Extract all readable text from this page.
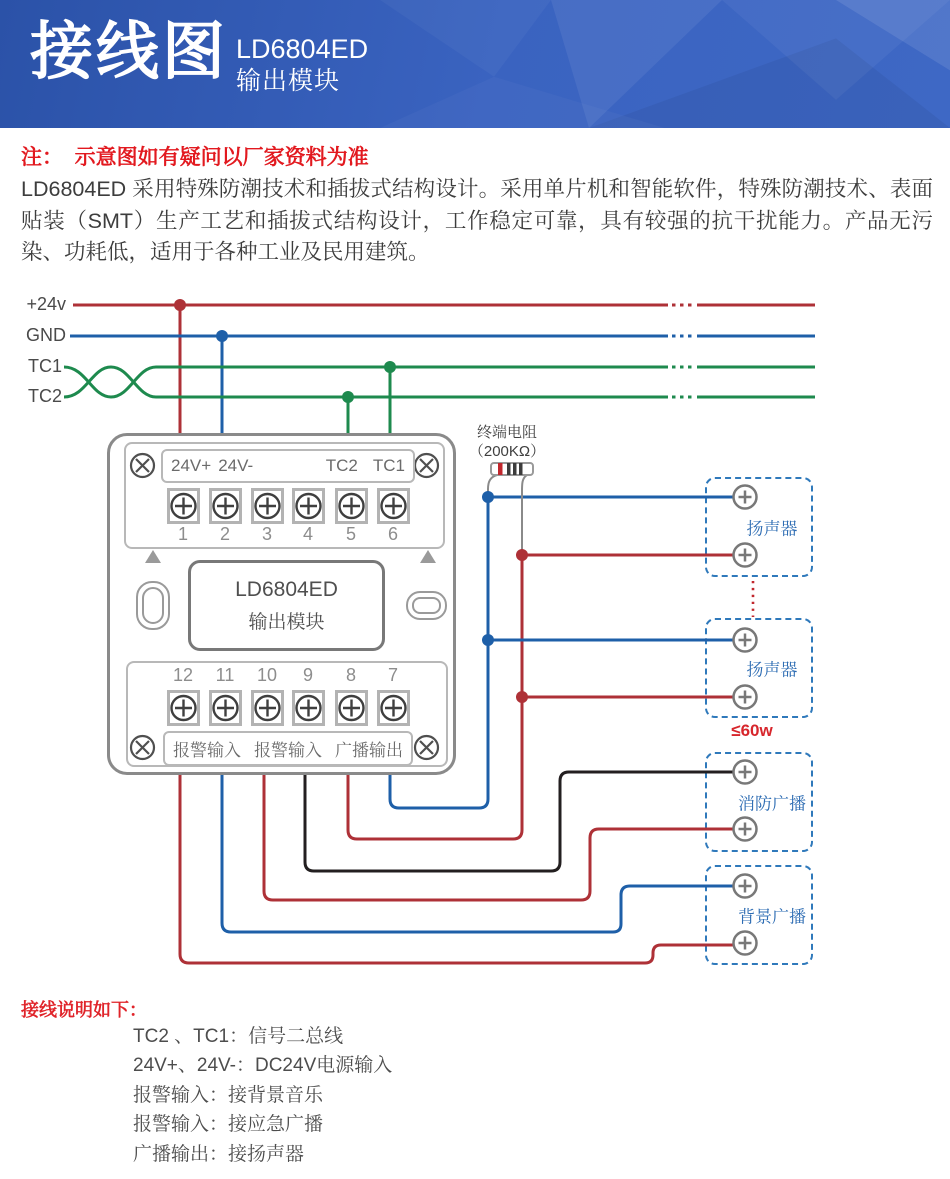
接线图 LD6804ED
输出模块
注：  示意图如有疑问以厂家资料为准

LD6804ED 采用特殊防潮技术和插拔式结构设计。采用单片机和智能软件，特殊防潮技术、表面贴装（SMT）生产工艺和插拔式结构设计，工作稳定可靠，具有较强的抗干扰能力。产品无污染、功耗低，适用于各种工业及民用建筑。

+24v
GND
TC1
TC2
扬声器
扬声器
消防广播
背景广播
≤60w
终端电阻
（200KΩ）
24V+ 24V-	TC2 TC1
1	2	3	4	5	6
LD6804ED
输出模块
12	11	10	9	8	7
报警输入 报警输入 广播输出
接线说明如下：
TC2 、TC1：信号二总线
24V+、24V-：DC24V电源输入
报警输入：接背景音乐
报警输入：接应急广播
广播输出：接扬声器
